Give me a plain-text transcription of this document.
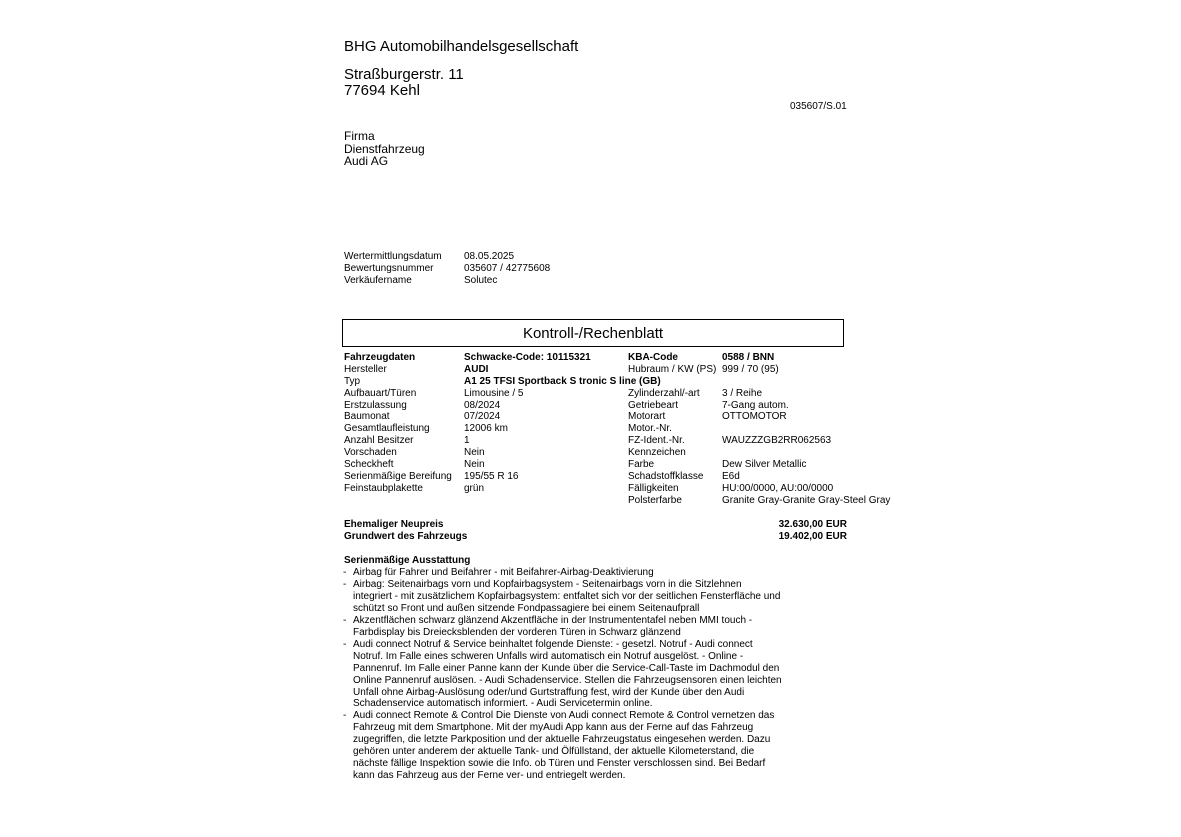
BHG Automobilhandelsgesellschaft
Straßburgerstr. 11
77694 Kehl
035607/S.01
Firma
Dienstfahrzeug
Audi AG
Wertermittlungsdatum 08.05.2025
Bewertungsnummer	035607 / 42775608
Verkäufername	Solutec
Kontroll-/Rechenblatt
Fahrzeugdaten	Schwacke-Code: 10115321	KBA-Code	0588 / BNN
Hersteller	AUDI	Hubraum / KW (PS) 999 / 70 (95)
Typ	A1 25 TFSI Sportback S tronic S line (GB)
Aufbauart/Türen	Limousine / 5	Zylinderzahl/-art 3 / Reihe
Erstzulassung	08/2024	Getriebeart	7-Gang autom.
Baumonat	07/2024	Motorart	OTTOMOTOR
Gesamtlaufleistung	12006 km	Motor.-Nr.
Anzahl Besitzer	1	FZ-Ident.-Nr.	WAUZZZGB2RR062563
Vorschaden	Nein	Kennzeichen
Scheckheft	Nein	Farbe	Dew Silver Metallic
Serienmäßige Bereifung 195/55 R 16	Schadstoffklasse E6d
Feinstaubplakette	grün	Fälligkeiten	HU:00/0000, AU:00/0000
Polsterfarbe	Granite Gray-Granite Gray-Steel Gray
Ehemaliger Neupreis	32.630,00 EUR
Grundwert des Fahrzeugs	19.402,00 EUR
Serienmäßige Ausstattung
- Airbag für Fahrer und Beifahrer - mit Beifahrer-Airbag-Deaktivierung
- Airbag: Seitenairbags vorn und Kopfairbagsystem - Seitenairbags vorn in die Sitzlehnen integriert - mit zusätzlichem Kopfairbagsystem: entfaltet sich vor der seitlichen Fensterfläche und schützt so Front und außen sitzende Fondpassagiere bei einem Seitenaufprall
- Akzentflächen schwarz glänzend Akzentfläche in der Instrumententafel neben MMI touch -Farbdisplay bis Dreiecksblenden der vorderen Türen in Schwarz glänzend
- Audi connect Notruf & Service beinhaltet folgende Dienste: - gesetzl. Notruf - Audi connect Notruf. Im Falle eines schweren Unfalls wird automatisch ein Notruf ausgelöst. - Online -Pannenruf. Im Falle einer Panne kann der Kunde über die Service-Call-Taste im Dachmodul den Online Pannenruf auslösen. - Audi Schadenservice. Stellen die Fahrzeugsensoren einen leichten Unfall ohne Airbag-Auslösung oder/und Gurtstraffung fest, wird der Kunde über den Audi Schadenservice automatisch informiert. - Audi Servicetermin online.
- Audi connect Remote & Control Die Dienste von Audi connect Remote & Control vernetzen das Fahrzeug mit dem Smartphone. Mit der myAudi App kann aus der Ferne auf das Fahrzeug zugegriffen, die letzte Parkposition und der aktuelle Fahrzeugstatus eingesehen werden. Dazu gehören unter anderem der aktuelle Tank- und Ölfüllstand, der aktuelle Kilometerstand, die nächste fällige Inspektion sowie die Info. ob Türen und Fenster verschlossen sind. Bei Bedarf kann das Fahrzeug aus der Ferne ver- und entriegelt werden.
